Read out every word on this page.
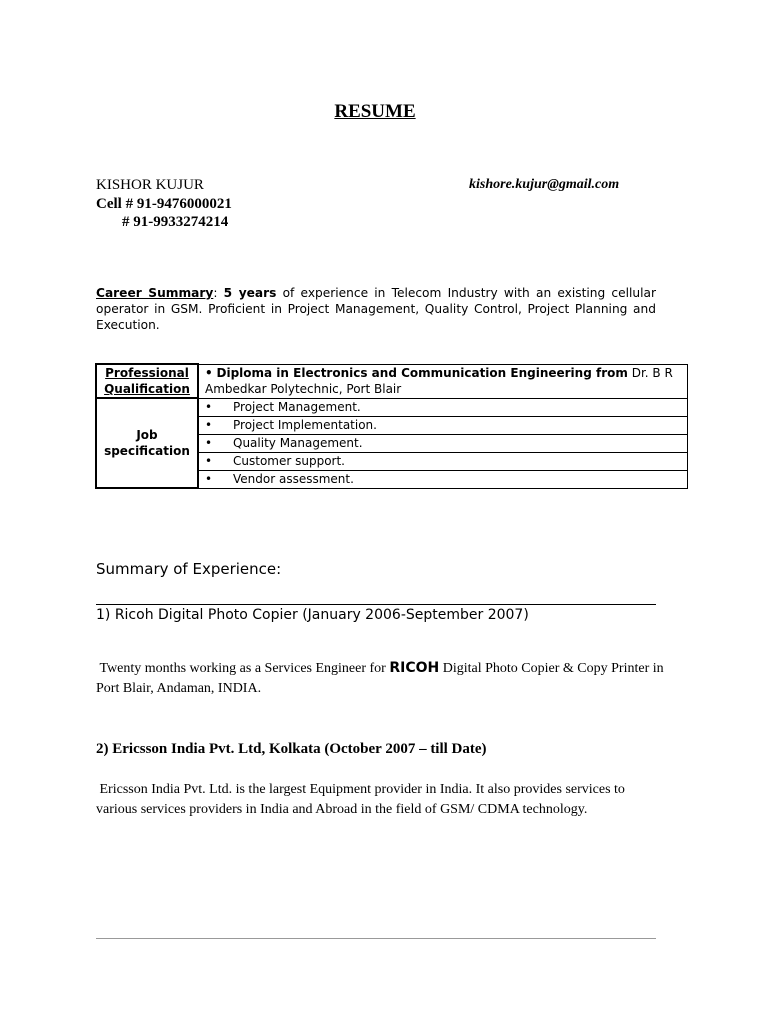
RESUME
KISHOR KUJUR
Cell # 91-9476000021
# 91-9933274214
kishore.kujur@gmail.com
Career Summary: 5 years of experience in Telecom Industry with an existing cellular operator in GSM. Proficient in Project Management, Quality Control, Project Planning and Execution.
Professional Qualification	• Diploma in Electronics and Communication Engineering from Dr. B R Ambedkar Polytechnic, Port Blair
Job specification	• Project Management.
	• Project Implementation.
	• Quality Management.
	• Customer support.
	• Vendor assessment.
Summary of Experience:
1) Ricoh Digital Photo Copier (January 2006-September 2007)
Twenty months working as a Services Engineer for RICOH Digital Photo Copier & Copy Printer in Port Blair, Andaman, INDIA.
2) Ericsson India Pvt. Ltd, Kolkata (October 2007 – till Date)
Ericsson India Pvt. Ltd. is the largest Equipment provider in India. It also provides services to various services providers in India and Abroad in the field of GSM/ CDMA technology.
